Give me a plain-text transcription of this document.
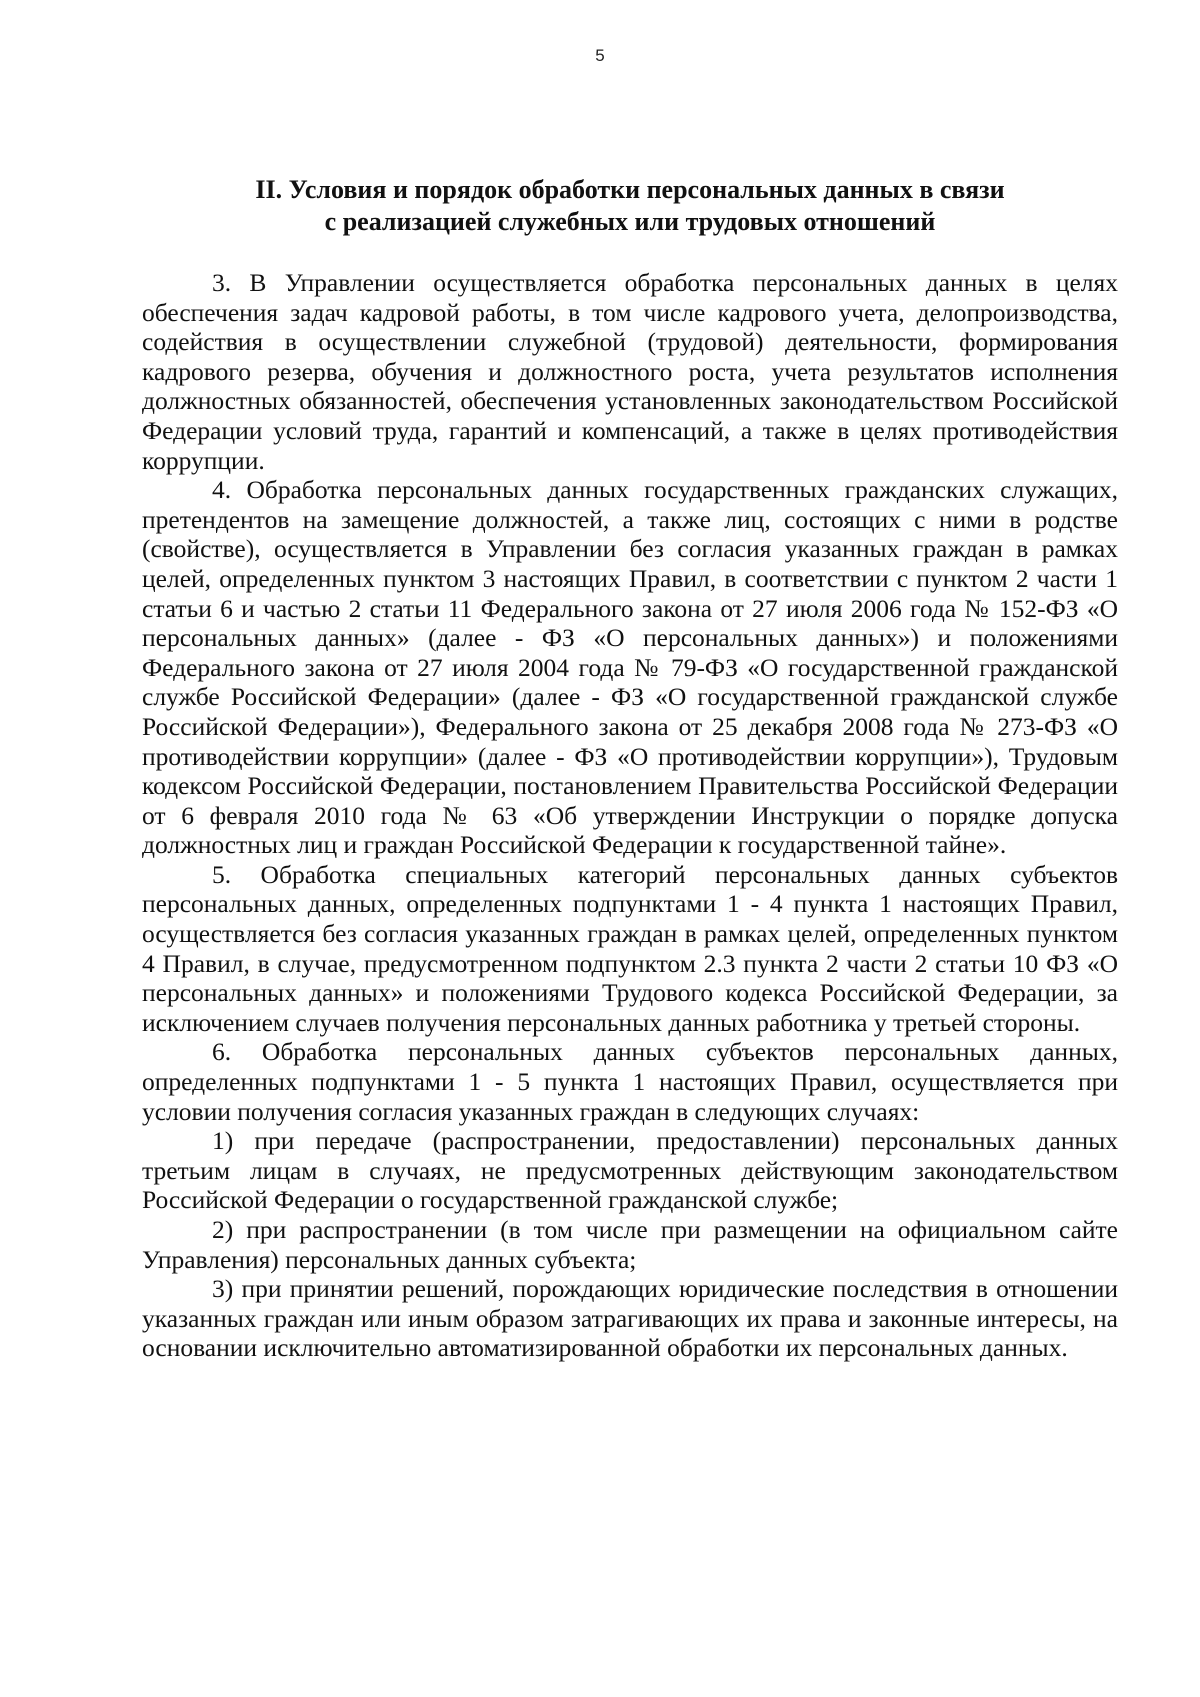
5
II. Условия и порядок обработки персональных данных в связи
с реализацией служебных или трудовых отношений

3. В Управлении осуществляется обработка персональных данных в целях обеспечения задач кадровой работы, в том числе кадрового учета, делопроизводства, содействия в осуществлении служебной (трудовой) деятельности, формирования кадрового резерва, обучения и должностного роста, учета результатов исполнения должностных обязанностей, обеспечения установленных законодательством Российской Федерации условий труда, гарантий и компенсаций, а также в целях противодействия коррупции.

4. Обработка персональных данных государственных гражданских служащих, претендентов на замещение должностей, а также лиц, состоящих с ними в родстве (свойстве), осуществляется в Управлении без согласия указанных граждан в рамках целей, определенных пунктом 3 настоящих Правил, в соответствии с пунктом 2 части 1 статьи 6 и частью 2 статьи 11 Федерального закона от 27 июля 2006 года № 152-ФЗ «О персональных данных» (далее - ФЗ «О персональных данных») и положениями Федерального закона от 27 июля 2004 года № 79-ФЗ «О государственной гражданской службе Российской Федерации» (далее - ФЗ «О государственной гражданской службе Российской Федерации»), Федерального закона от 25 декабря 2008 года № 273-ФЗ «О противодействии коррупции» (далее - ФЗ «О противодействии коррупции»), Трудовым кодексом Российской Федерации, постановлением Правительства Российской Федерации от 6 февраля 2010 года № 63 «Об утверждении Инструкции о порядке допуска должностных лиц и граждан Российской Федерации к государственной тайне».

5. Обработка специальных категорий персональных данных субъектов персональных данных, определенных подпунктами 1 - 4 пункта 1 настоящих Правил, осуществляется без согласия указанных граждан в рамках целей, определенных пунктом 4 Правил, в случае, предусмотренном подпунктом 2.3 пункта 2 части 2 статьи 10 ФЗ «О персональных данных» и положениями Трудового кодекса Российской Федерации, за исключением случаев получения персональных данных работника у третьей стороны.

6. Обработка персональных данных субъектов персональных данных, определенных подпунктами 1 - 5 пункта 1 настоящих Правил, осуществляется при условии получения согласия указанных граждан в следующих случаях:

1) при передаче (распространении, предоставлении) персональных данных третьим лицам в случаях, не предусмотренных действующим законодательством Российской Федерации о государственной гражданской службе;

2) при распространении (в том числе при размещении на официальном сайте Управления) персональных данных субъекта;

3) при принятии решений, порождающих юридические последствия в отношении указанных граждан или иным образом затрагивающих их права и законные интересы, на основании исключительно автоматизированной обработки их персональных данных.
